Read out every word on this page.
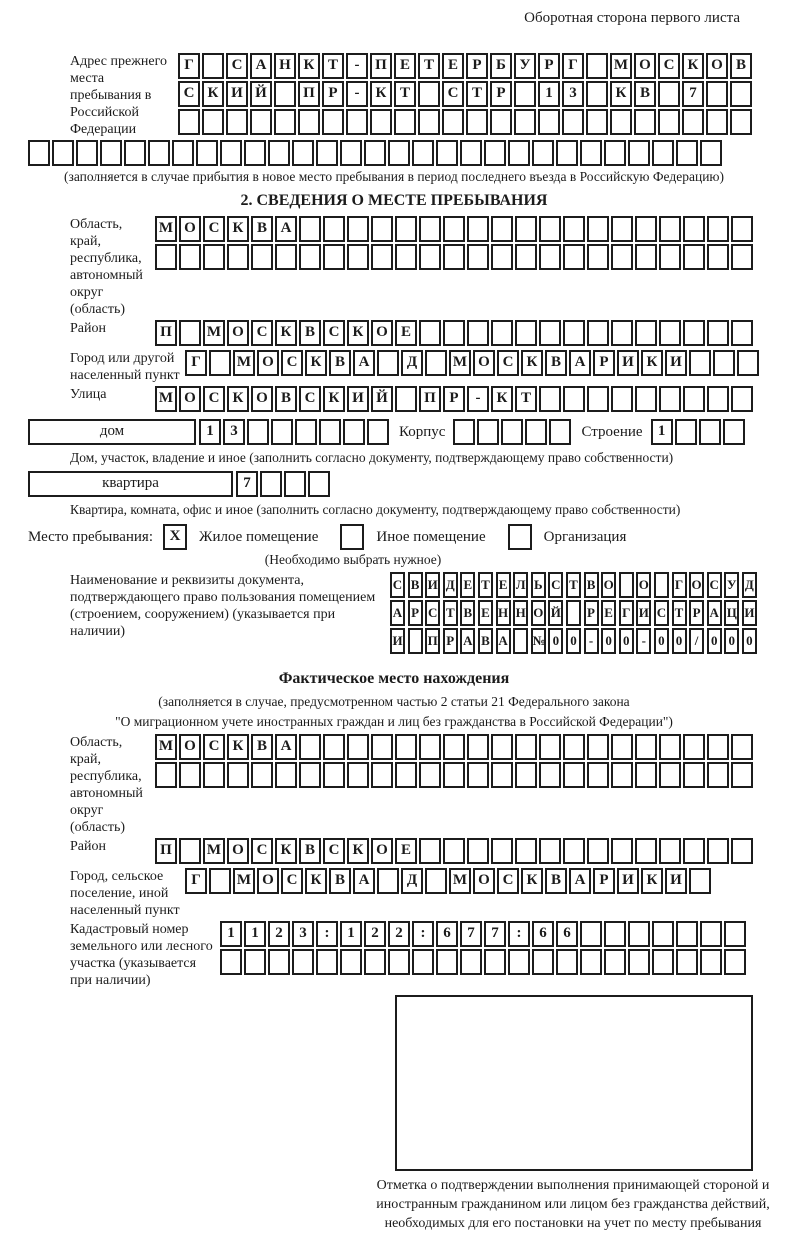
Оборотная сторона первого листа
Адрес прежнего места пребывания в Российской Федерации
Г	С А Н К Т	-	П Е Т Е Р Б У Р Г	М О С К О В
С К И Й	П Р	-	К Т	С Т Р	1	3	К В	7
(заполняется в случае прибытия в новое место пребывания в период последнего въезда в Российскую Федерацию)
2. СВЕДЕНИЯ О МЕСТЕ ПРЕБЫВАНИЯ
Область, край, республика, автономный округ (область)
М О С К В А
Район	П	М О С К В С К О Е
Город или другой населенный пункт
Г	М О С К В А	Д	М О С К В А Р И К И
Улица	М О С К О В С К И Й	П Р	-	К Т
дом	1	3	Корпус	Строение	1
Дом, участок, владение и иное (заполнить согласно документу, подтверждающему право собственности)
квартира	7
Квартира, комната, офис и иное (заполнить согласно документу, подтверждающему право собственности)
Место пребывания:	X	Жилое помещение	Иное помещение	Организация
(Необходимо выбрать нужное)
Наименование и реквизиты документа, подтверждающего право пользования помещением (строением, сооружением) (указывается при наличии)
С В И Д Е Т Е Л Ь С Т В О О Г О С У Д
А Р С Т В Е Н Н О Й Р Е Г И С Т Р А Ц И
И П Р А В А № 0 0 - 0 0 - 0 0 / 0 0 0
Фактическое место нахождения
(заполняется в случае, предусмотренном частью 2 статьи 21 Федерального закона
"О миграционном учете иностранных граждан и лиц без гражданства в Российской Федерации")
Область, край, республика, автономный округ (область)
М О С К В А
Район	П	М О С К В С К О Е
Город, сельское поселение, иной населенный пункт
Г	М О С К В А	Д	М О С К В А Р И К И
Кадастровый номер земельного или лесного участка (указывается при наличии)
1	1	2	3	:	1	2	2	:	6	7	7	:	6	6
Отметка о подтверждении выполнения принимающей стороной и иностранным гражданином или лицом без гражданства действий, необходимых для его постановки на учет по месту пребывания
